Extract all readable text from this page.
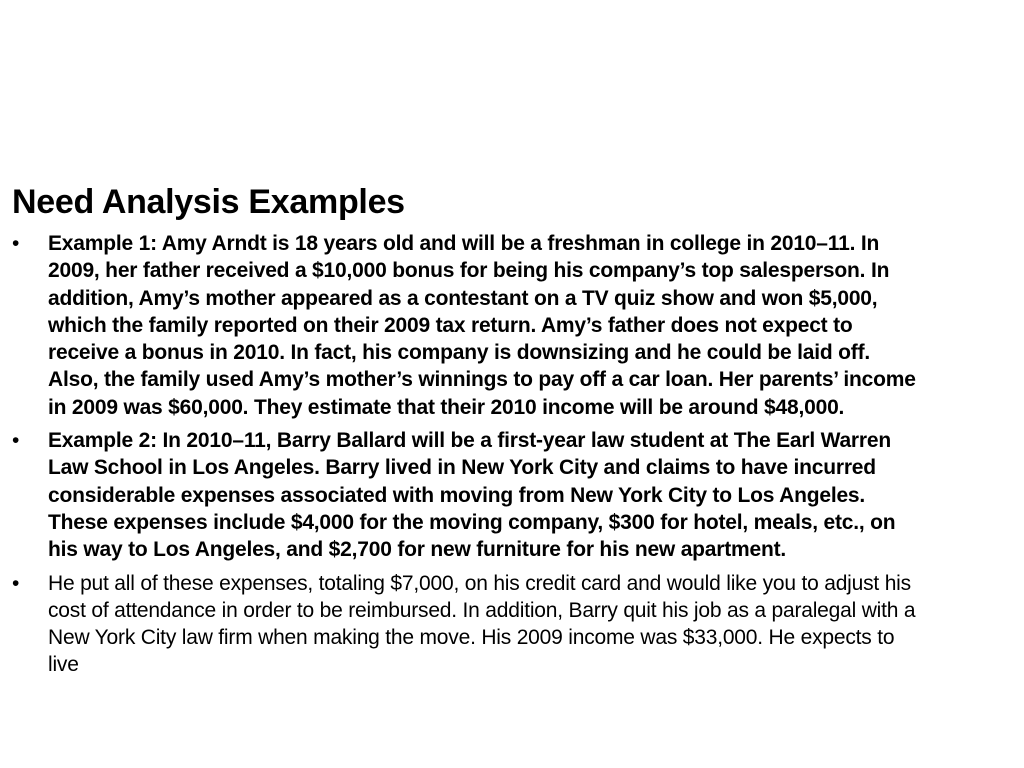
Need Analysis Examples
•	Example 1: Amy Arndt is 18 years old and will be a freshman in college in 2010–11. In 2009, her father received a $10,000 bonus for being his company’s top salesperson. In addition, Amy’s mother appeared as a contestant on a TV quiz show and won $5,000, which the family reported on their 2009 tax return. Amy’s father does not expect to receive a bonus in 2010. In fact, his company is downsizing and he could be laid off. Also, the family used Amy’s mother’s winnings to pay off a car loan. Her parents’ income in 2009 was $60,000. They estimate that their 2010 income will be around $48,000.
•	Example 2: In 2010–11, Barry Ballard will be a first-year law student at The Earl Warren Law School in Los Angeles. Barry lived in New York City and claims to have incurred considerable expenses associated with moving from New York City to Los Angeles. These expenses include $4,000 for the moving company, $300 for hotel, meals, etc., on his way to Los Angeles, and $2,700 for new furniture for his new apartment.
•	He put all of these expenses, totaling $7,000, on his credit card and would like you to adjust his cost of attendance in order to be reimbursed. In addition, Barry quit his job as a paralegal with a New York City law firm when making the move. His 2009 income was $33,000. He expects to live
